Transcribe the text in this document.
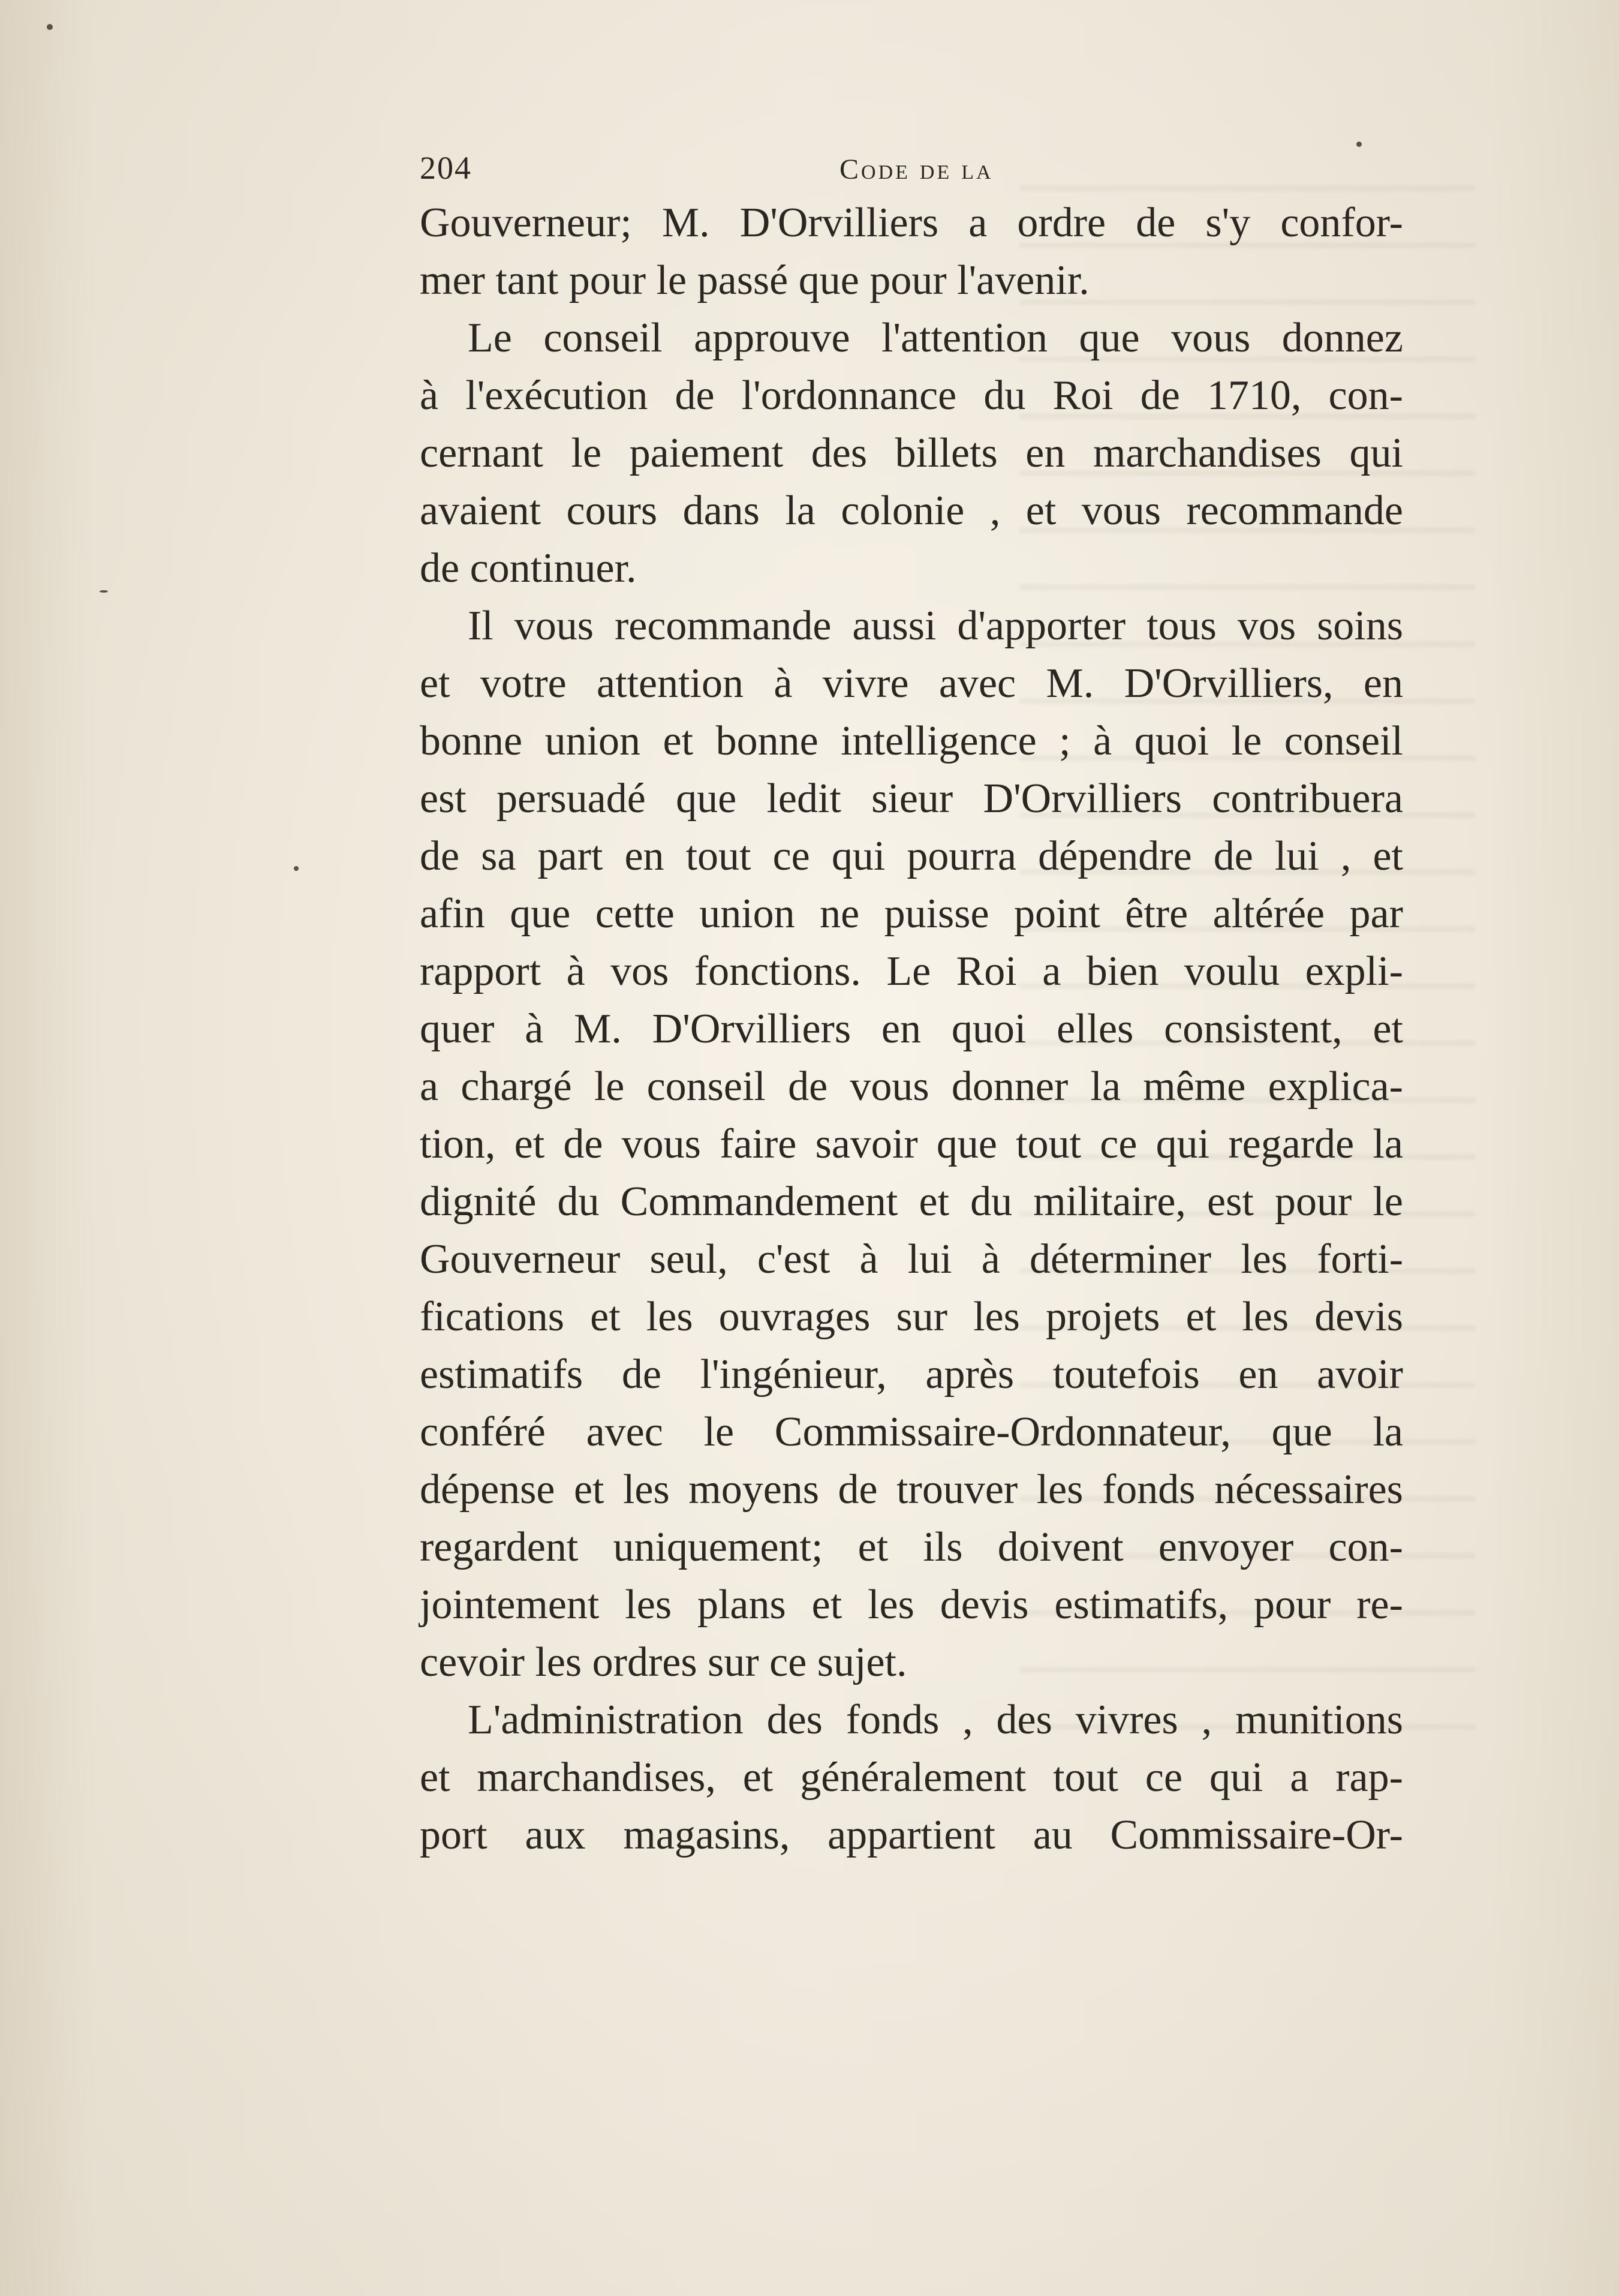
204	Code de la

Gouverneur; M. D'Orvilliers a ordre de s'y confor-
mer tant pour le passé que pour l'avenir.

Le conseil approuve l'attention que vous donnez
à l'exécution de l'ordonnance du Roi de 1710, con-
cernant le paiement des billets en marchandises qui
avaient cours dans la colonie , et vous recommande
de continuer.

Il vous recommande aussi d'apporter tous vos soins
et votre attention à vivre avec M. D'Orvilliers, en
bonne union et bonne intelligence ; à quoi le conseil
est persuadé que ledit sieur D'Orvilliers contribuera
de sa part en tout ce qui pourra dépendre de lui , et
afin que cette union ne puisse point être altérée par
rapport à vos fonctions. Le Roi a bien voulu expli-
quer à M. D'Orvilliers en quoi elles consistent, et
a chargé le conseil de vous donner la même explica-
tion, et de vous faire savoir que tout ce qui regarde la
dignité du Commandement et du militaire, est pour le
Gouverneur seul, c'est à lui à déterminer les forti-
fications et les ouvrages sur les projets et les devis
estimatifs de l'ingénieur, après toutefois en avoir
conféré avec le Commissaire-Ordonnateur, que la
dépense et les moyens de trouver les fonds nécessaires
regardent uniquement; et ils doivent envoyer con-
jointement les plans et les devis estimatifs, pour re-
cevoir les ordres sur ce sujet.

L'administration des fonds , des vivres , munitions
et marchandises, et généralement tout ce qui a rap-
port aux magasins, appartient au Commissaire-Or-
